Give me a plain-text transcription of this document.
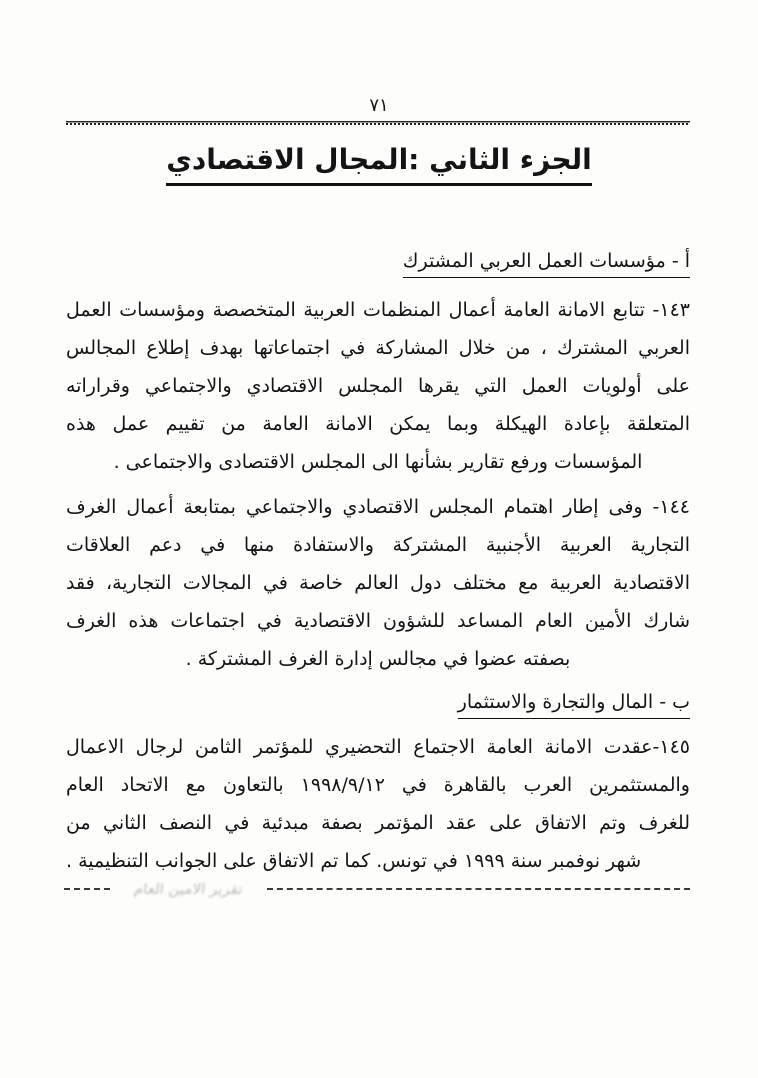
٧١
الجزء الثاني :المجال الاقتصادي
أ - مؤسسات العمل العربي المشترك
١٤٣- تتابع الامانة العامة أعمال المنظمات العربية المتخصصة ومؤسسات العمل
العربي المشترك ، من خلال المشاركة في اجتماعاتها بهدف إطلاع المجالس
على أولويات العمل التي يقرها المجلس الاقتصادي والاجتماعي وقراراته
المتعلقة بإعادة الهيكلة وبما يمكن الامانة العامة من تقييم عمل هذه
المؤسسات ورفع تقارير بشأنها الى المجلس الاقتصادى والاجتماعى .
١٤٤- وفى إطار اهتمام المجلس الاقتصادي والاجتماعي بمتابعة أعمال الغرف
التجارية العربية الأجنبية المشتركة والاستفادة منها في دعم العلاقات
الاقتصادية العربية مع مختلف دول العالم خاصة في المجالات التجارية، فقد
شارك الأمين العام المساعد للشؤون الاقتصادية في اجتماعات هذه الغرف
بصفته عضوا في مجالس إدارة الغرف المشتركة .
ب - المال والتجارة والاستثمار
١٤٥-عقدت الامانة العامة الاجتماع التحضيري للمؤتمر الثامن لرجال الاعمال
والمستثمرين العرب بالقاهرة في ١٩٩٨/٩/١٢ بالتعاون مع الاتحاد العام
للغرف وتم الاتفاق على عقد المؤتمر بصفة مبدئية في النصف الثاني من
شهر نوفمبر سنة ١٩٩٩ في تونس. كما تم الاتفاق على الجوانب التنظيمية .
تقرير الامين العام
